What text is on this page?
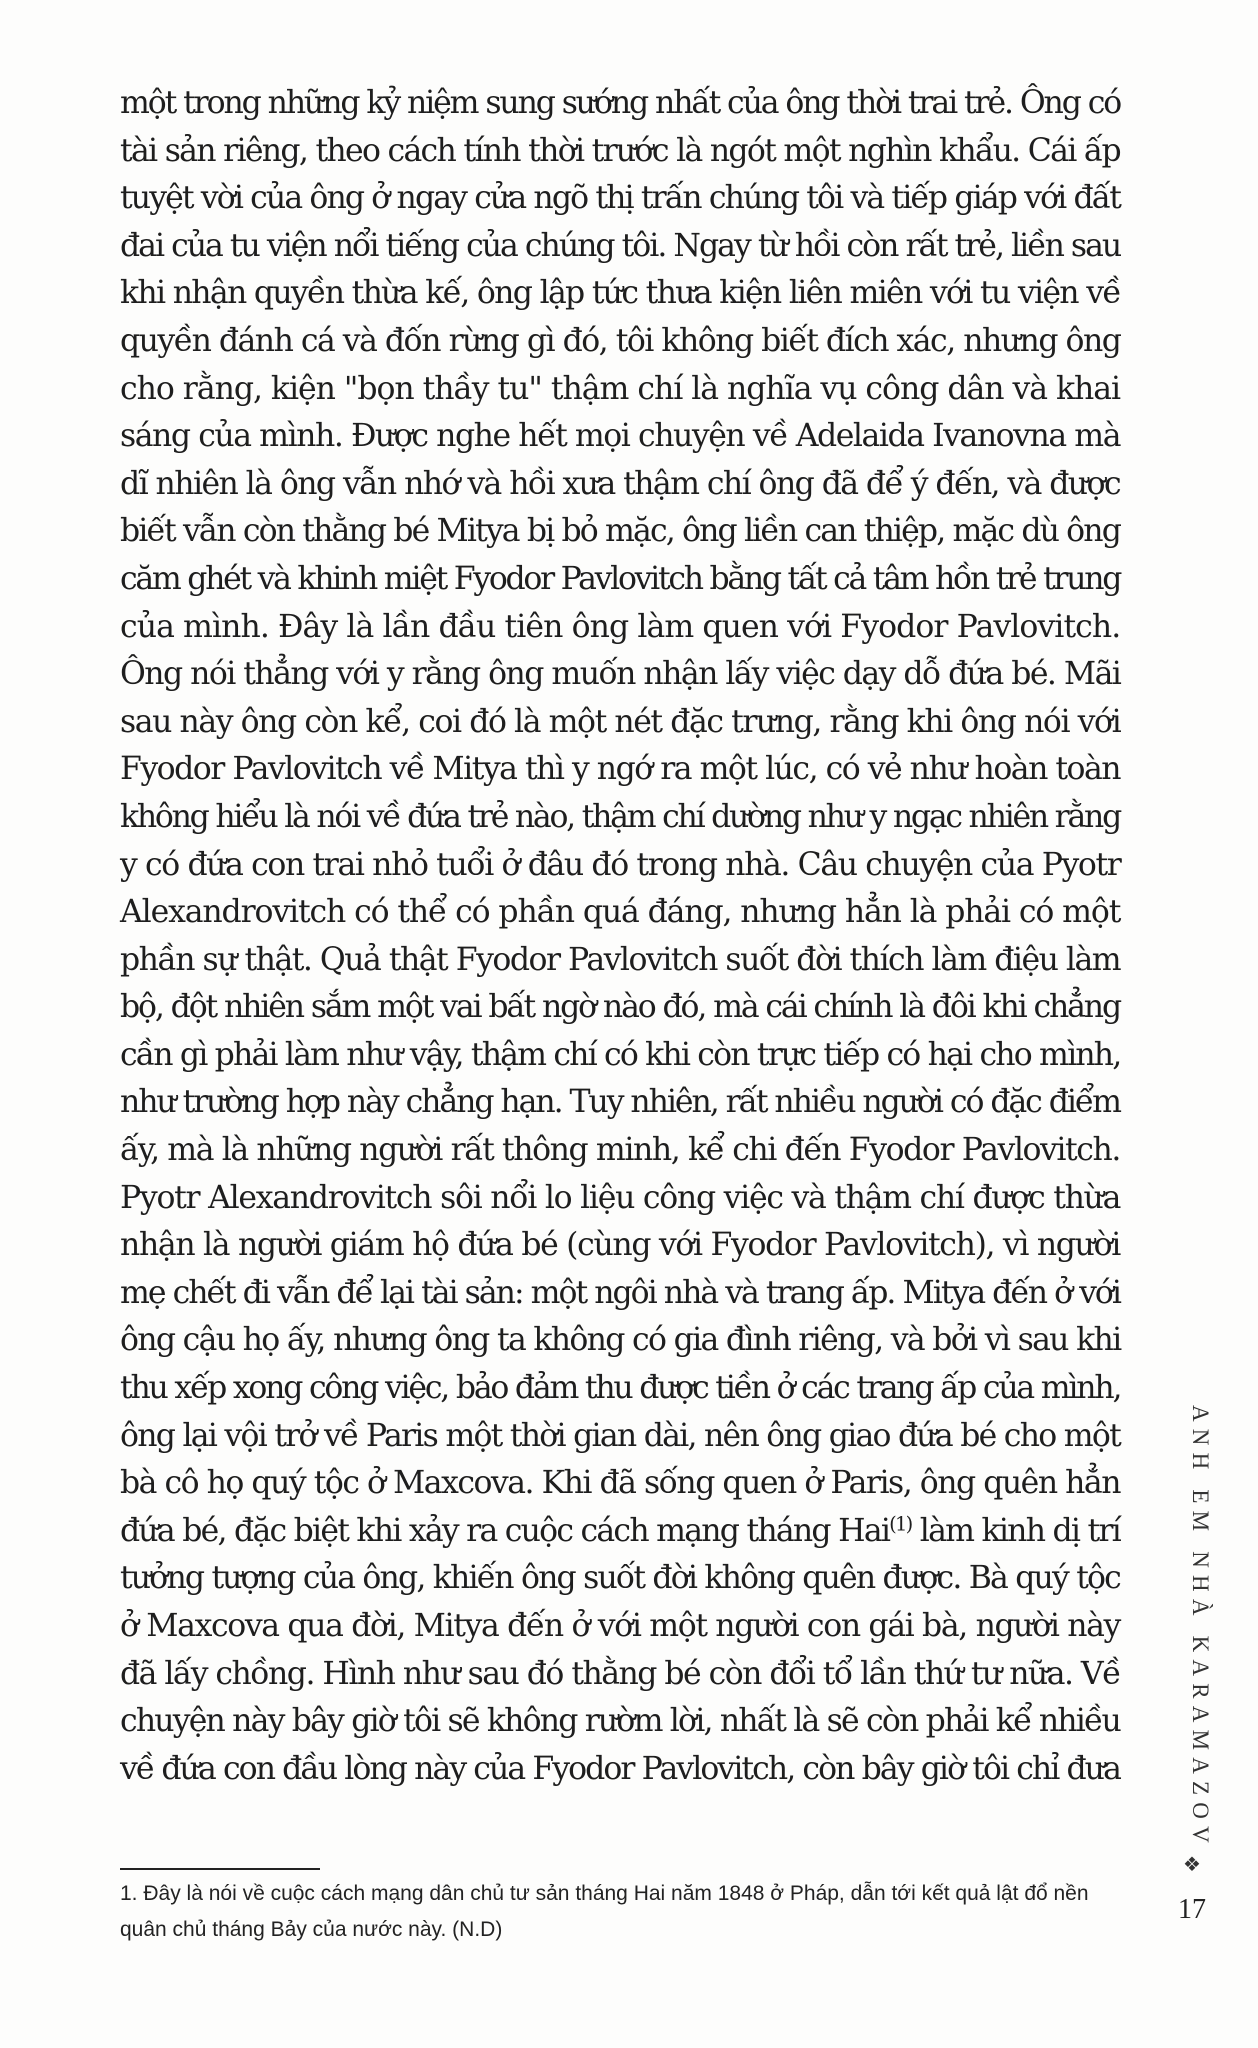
một trong những kỷ niệm sung sướng nhất của ông thời trai trẻ. Ông có
tài sản riêng, theo cách tính thời trước là ngót một nghìn khẩu. Cái ấp
tuyệt vời của ông ở ngay cửa ngõ thị trấn chúng tôi và tiếp giáp với đất
đai của tu viện nổi tiếng của chúng tôi. Ngay từ hồi còn rất trẻ, liền sau
khi nhận quyền thừa kế, ông lập tức thưa kiện liên miên với tu viện về
quyền đánh cá và đốn rừng gì đó, tôi không biết đích xác, nhưng ông
cho rằng, kiện "bọn thầy tu" thậm chí là nghĩa vụ công dân và khai
sáng của mình. Được nghe hết mọi chuyện về Adelaida Ivanovna mà
dĩ nhiên là ông vẫn nhớ và hồi xưa thậm chí ông đã để ý đến, và được
biết vẫn còn thằng bé Mitya bị bỏ mặc, ông liền can thiệp, mặc dù ông
căm ghét và khinh miệt Fyodor Pavlovitch bằng tất cả tâm hồn trẻ trung
của mình. Đây là lần đầu tiên ông làm quen với Fyodor Pavlovitch.
Ông nói thẳng với y rằng ông muốn nhận lấy việc dạy dỗ đứa bé. Mãi
sau này ông còn kể, coi đó là một nét đặc trưng, rằng khi ông nói với
Fyodor Pavlovitch về Mitya thì y ngớ ra một lúc, có vẻ như hoàn toàn
không hiểu là nói về đứa trẻ nào, thậm chí dường như y ngạc nhiên rằng
y có đứa con trai nhỏ tuổi ở đâu đó trong nhà. Câu chuyện của Pyotr
Alexandrovitch có thể có phần quá đáng, nhưng hẳn là phải có một
phần sự thật. Quả thật Fyodor Pavlovitch suốt đời thích làm điệu làm
bộ, đột nhiên sắm một vai bất ngờ nào đó, mà cái chính là đôi khi chẳng
cần gì phải làm như vậy, thậm chí có khi còn trực tiếp có hại cho mình,
như trường hợp này chẳng hạn. Tuy nhiên, rất nhiều người có đặc điểm
ấy, mà là những người rất thông minh, kể chi đến Fyodor Pavlovitch.
Pyotr Alexandrovitch sôi nổi lo liệu công việc và thậm chí được thừa
nhận là người giám hộ đứa bé (cùng với Fyodor Pavlovitch), vì người
mẹ chết đi vẫn để lại tài sản: một ngôi nhà và trang ấp. Mitya đến ở với
ông cậu họ ấy, nhưng ông ta không có gia đình riêng, và bởi vì sau khi
thu xếp xong công việc, bảo đảm thu được tiền ở các trang ấp của mình,
ông lại vội trở về Paris một thời gian dài, nên ông giao đứa bé cho một
bà cô họ quý tộc ở Maxcova. Khi đã sống quen ở Paris, ông quên hẳn
đứa bé, đặc biệt khi xảy ra cuộc cách mạng tháng Hai$^{(1)}$ làm kinh dị trí
tưởng tượng của ông, khiến ông suốt đời không quên được. Bà quý tộc
ở Maxcova qua đời, Mitya đến ở với một người con gái bà, người này
đã lấy chồng. Hình như sau đó thằng bé còn đổi tổ lần thứ tư nữa. Về
chuyện này bây giờ tôi sẽ không rườm lời, nhất là sẽ còn phải kể nhiều
về đứa con đầu lòng này của Fyodor Pavlovitch, còn bây giờ tôi chỉ đưa
1. Đây là nói về cuộc cách mạng dân chủ tư sản tháng Hai năm 1848 ở Pháp, dẫn tới kết quả lật đổ nền
quân chủ tháng Bảy của nước này. (N.D)
ANH EM NHÀ KARAMAZOV
❖
17
